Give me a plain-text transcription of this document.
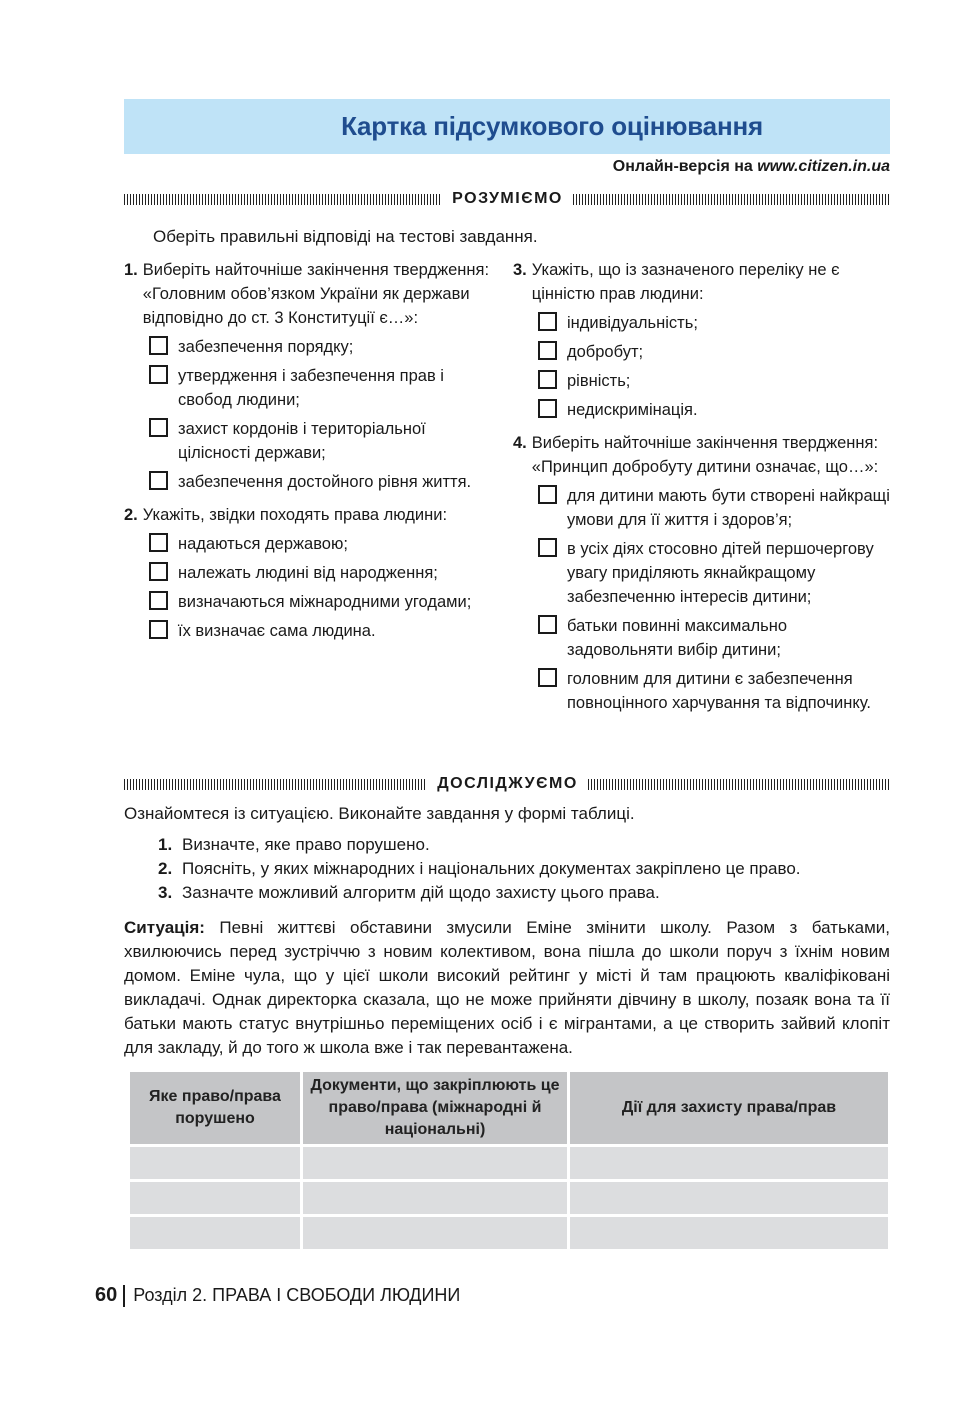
Картка підсумкового оцінювання
Онлайн-версія на www.citizen.in.ua
РОЗУМІЄМО
Оберіть правильні відповіді на тестові завдання.
1. Виберіть найточніше закінчення твердження: «Головним обов’язком України як держави відповідно до ст. 3 Конституції є…»:
забезпечення порядку;
утвердження і забезпечення прав і свобод людини;
захист кордонів і територіальної цілісності держави;
забезпечення достойного рівня життя.
2. Укажіть, звідки походять права людини:
надаються державою;
належать людині від народження;
визначаються міжнародними угодами;
їх визначає сама людина.
3. Укажіть, що із зазначеного переліку не є цінністю прав людини:
індивідуальність;
добробут;
рівність;
недискримінація.
4. Виберіть найточніше закінчення твердження: «Принцип добробуту дитини означає, що…»:
для дитини мають бути створені найкращі умови для її життя і здоров’я;
в усіх діях стосовно дітей першочергову увагу приділяють якнайкращому забезпеченню інтересів дитини;
батьки повинні максимально задовольняти вибір дитини;
головним для дитини є забезпечення повноцінного харчування та відпочинку.
ДОСЛІДЖУЄМО
Ознайомтеся із ситуацією. Виконайте завдання у формі таблиці.
1. Визначте, яке право порушено.
2. Поясніть, у яких міжнародних і національних документах закріплено це право.
3. Зазначте можливий алгоритм дій щодо захисту цього права.
Ситуація: Певні життєві обставини змусили Еміне змінити школу. Разом з батьками, хвилюючись перед зустріччю з новим колективом, вона пішла до школи поруч з їхнім новим домом. Еміне чула, що у цієї школи високий рейтинг у місті й там працюють кваліфіковані викладачі. Однак директорка сказала, що не може прийняти дівчину в школу, позаяк вона та її батьки мають статус внутрішньо переміщених осіб і є мігрантами, а це створить зайвий клопіт для закладу, й до того ж школа вже і так перевантажена.
Яке право/права порушено	Документи, що закріплюють це право/права (міжнародні й національні)	Дії для захисту права/прав

60 Розділ 2. ПРАВА І СВОБОДИ ЛЮДИНИ
